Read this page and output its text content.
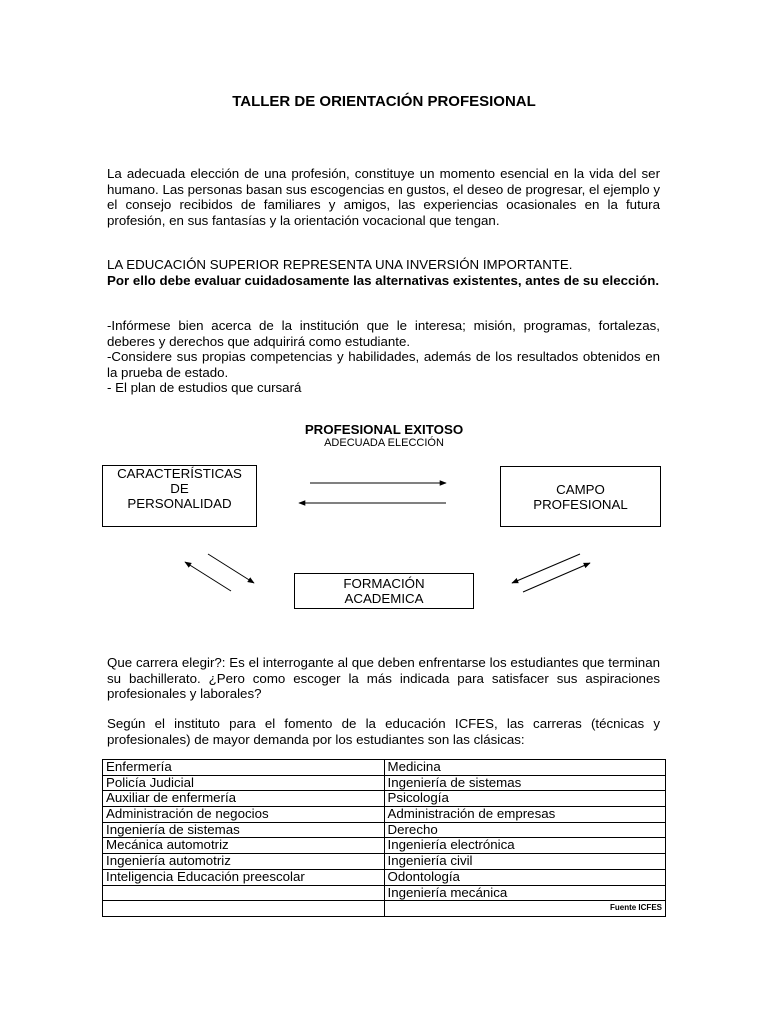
TALLER DE ORIENTACIÓN PROFESIONAL

La adecuada elección de una profesión, constituye un momento esencial en la vida del ser humano. Las personas basan sus escogencias en gustos, el deseo de progresar, el ejemplo y el consejo recibidos de familiares y amigos, las experiencias ocasionales en la futura profesión, en sus fantasías y la orientación vocacional que tengan.

LA EDUCACIÓN SUPERIOR REPRESENTA UNA INVERSIÓN IMPORTANTE.

Por ello debe evaluar cuidadosamente las alternativas existentes, antes de su elección.

-Infórmese bien acerca de la institución que le interesa; misión, programas, fortalezas, deberes y derechos que adquirirá como estudiante.

-Considere sus propias competencias y habilidades, además de los resultados obtenidos en la prueba de estado.

- El plan de estudios que cursará

PROFESIONAL EXITOSO
ADECUADA ELECCIÓN
CARACTERÍSTICAS
DE
PERSONALIDAD
CAMPO
PROFESIONAL
FORMACIÓN
ACADEMICA

Que carrera elegir?: Es el interrogante al que deben enfrentarse los estudiantes que terminan su bachillerato. ¿Pero como escoger la más indicada para satisfacer sus aspiraciones profesionales y laborales?

Según el instituto para el fomento de la educación ICFES, las carreras (técnicas y profesionales) de mayor demanda por los estudiantes son las clásicas:

Enfermería	Medicina
Policía Judicial	Ingeniería de sistemas
Auxiliar de enfermería	Psicología
Administración de negocios	Administración de empresas
Ingeniería de sistemas	Derecho
Mecánica automotriz	Ingeniería electrónica
Ingeniería automotriz	Ingeniería civil
Inteligencia Educación preescolar	Odontología
	Ingeniería mecánica
	Fuente ICFES
